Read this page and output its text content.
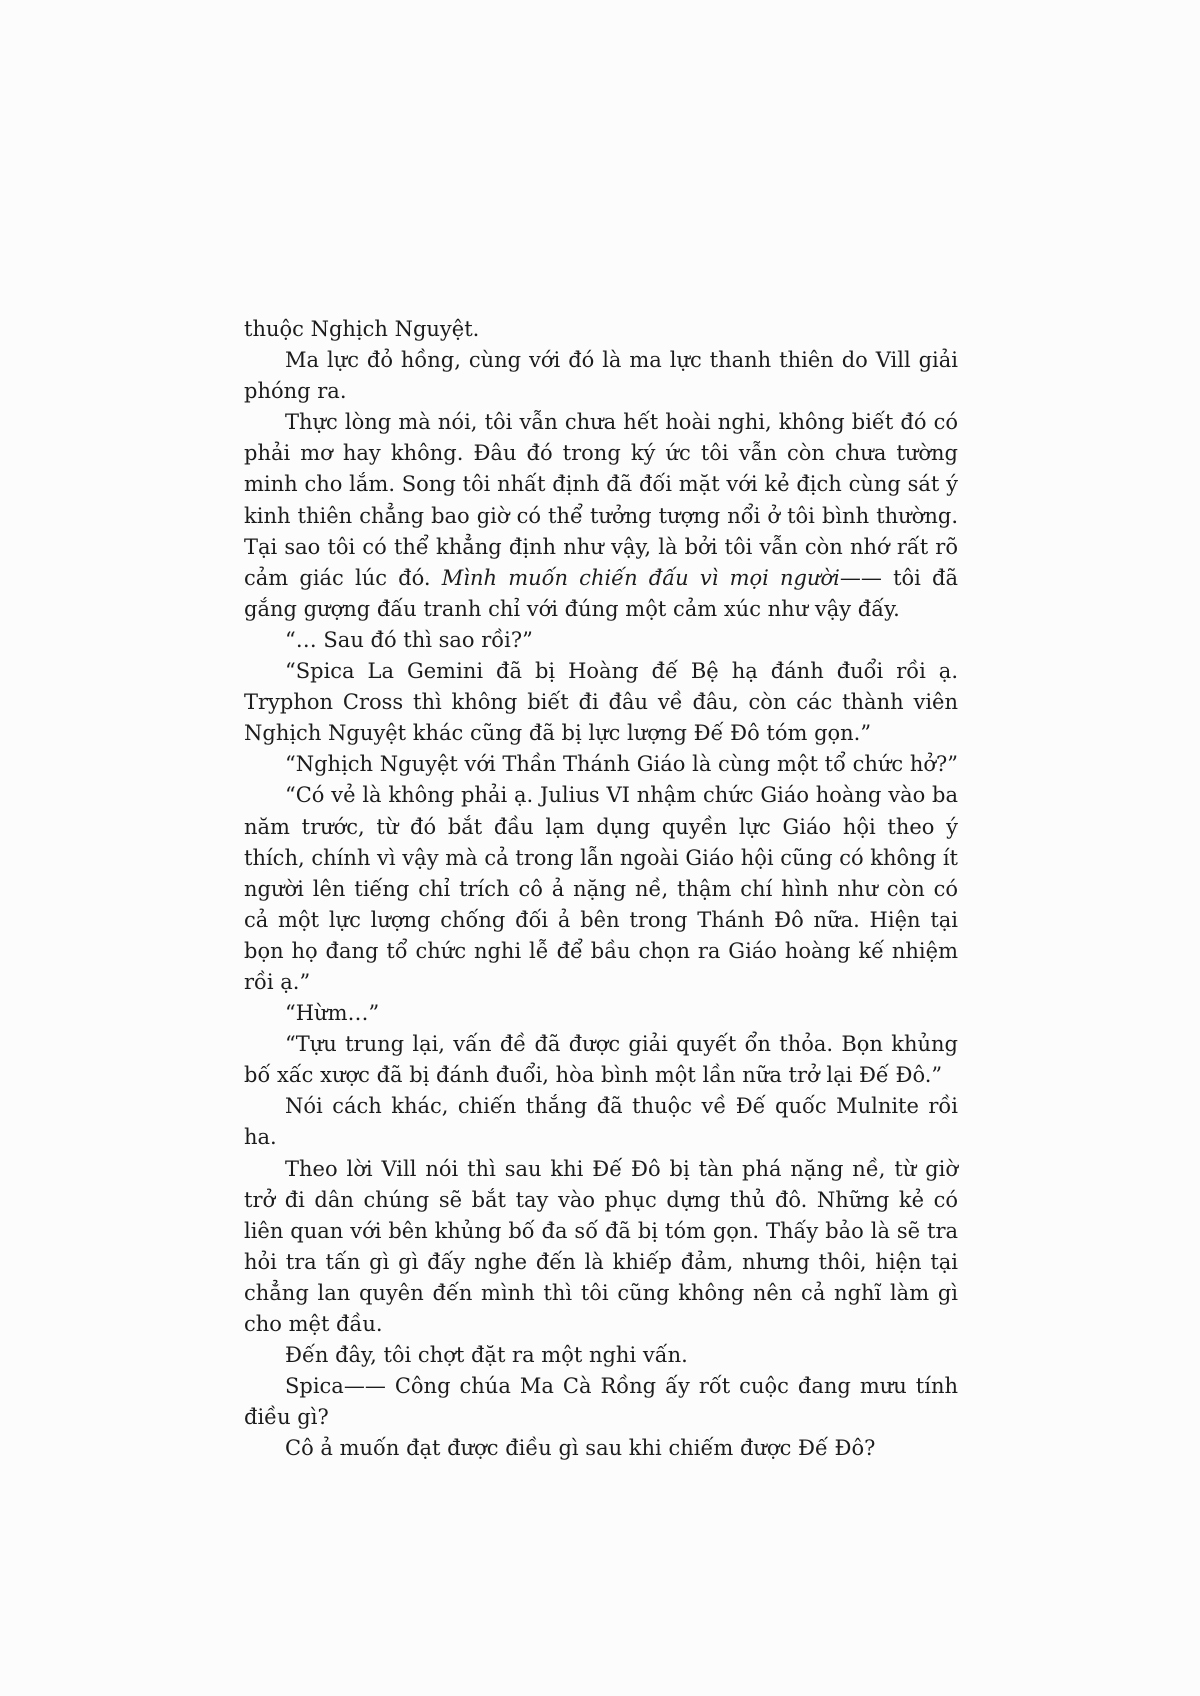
thuộc Nghịch Nguyệt.

Ma lực đỏ hồng, cùng với đó là ma lực thanh thiên do Vill giải phóng ra.

Thực lòng mà nói, tôi vẫn chưa hết hoài nghi, không biết đó có phải mơ hay không. Đâu đó trong ký ức tôi vẫn còn chưa tường minh cho lắm. Song tôi nhất định đã đối mặt với kẻ địch cùng sát ý kinh thiên chẳng bao giờ có thể tưởng tượng nổi ở tôi bình thường. Tại sao tôi có thể khẳng định như vậy, là bởi tôi vẫn còn nhớ rất rõ cảm giác lúc đó. Mình muốn chiến đấu vì mọi người—— tôi đã gắng gượng đấu tranh chỉ với đúng một cảm xúc như vậy đấy.

“… Sau đó thì sao rồi?”

“Spica La Gemini đã bị Hoàng đế Bệ hạ đánh đuổi rồi ạ. Tryphon Cross thì không biết đi đâu về đâu, còn các thành viên Nghịch Nguyệt khác cũng đã bị lực lượng Đế Đô tóm gọn.”

“Nghịch Nguyệt với Thần Thánh Giáo là cùng một tổ chức hở?”

“Có vẻ là không phải ạ. Julius VI nhậm chức Giáo hoàng vào ba năm trước, từ đó bắt đầu lạm dụng quyền lực Giáo hội theo ý thích, chính vì vậy mà cả trong lẫn ngoài Giáo hội cũng có không ít người lên tiếng chỉ trích cô ả nặng nề, thậm chí hình như còn có cả một lực lượng chống đối ả bên trong Thánh Đô nữa. Hiện tại bọn họ đang tổ chức nghi lễ để bầu chọn ra Giáo hoàng kế nhiệm rồi ạ.”

“Hừm…”

“Tựu trung lại, vấn đề đã được giải quyết ổn thỏa. Bọn khủng bố xấc xược đã bị đánh đuổi, hòa bình một lần nữa trở lại Đế Đô.”

Nói cách khác, chiến thắng đã thuộc về Đế quốc Mulnite rồi ha.

Theo lời Vill nói thì sau khi Đế Đô bị tàn phá nặng nề, từ giờ trở đi dân chúng sẽ bắt tay vào phục dựng thủ đô. Những kẻ có liên quan với bên khủng bố đa số đã bị tóm gọn. Thấy bảo là sẽ tra hỏi tra tấn gì gì đấy nghe đến là khiếp đảm, nhưng thôi, hiện tại chẳng lan quyên đến mình thì tôi cũng không nên cả nghĩ làm gì cho mệt đầu.

Đến đây, tôi chợt đặt ra một nghi vấn.

Spica—— Công chúa Ma Cà Rồng ấy rốt cuộc đang mưu tính điều gì?

Cô ả muốn đạt được điều gì sau khi chiếm được Đế Đô?
